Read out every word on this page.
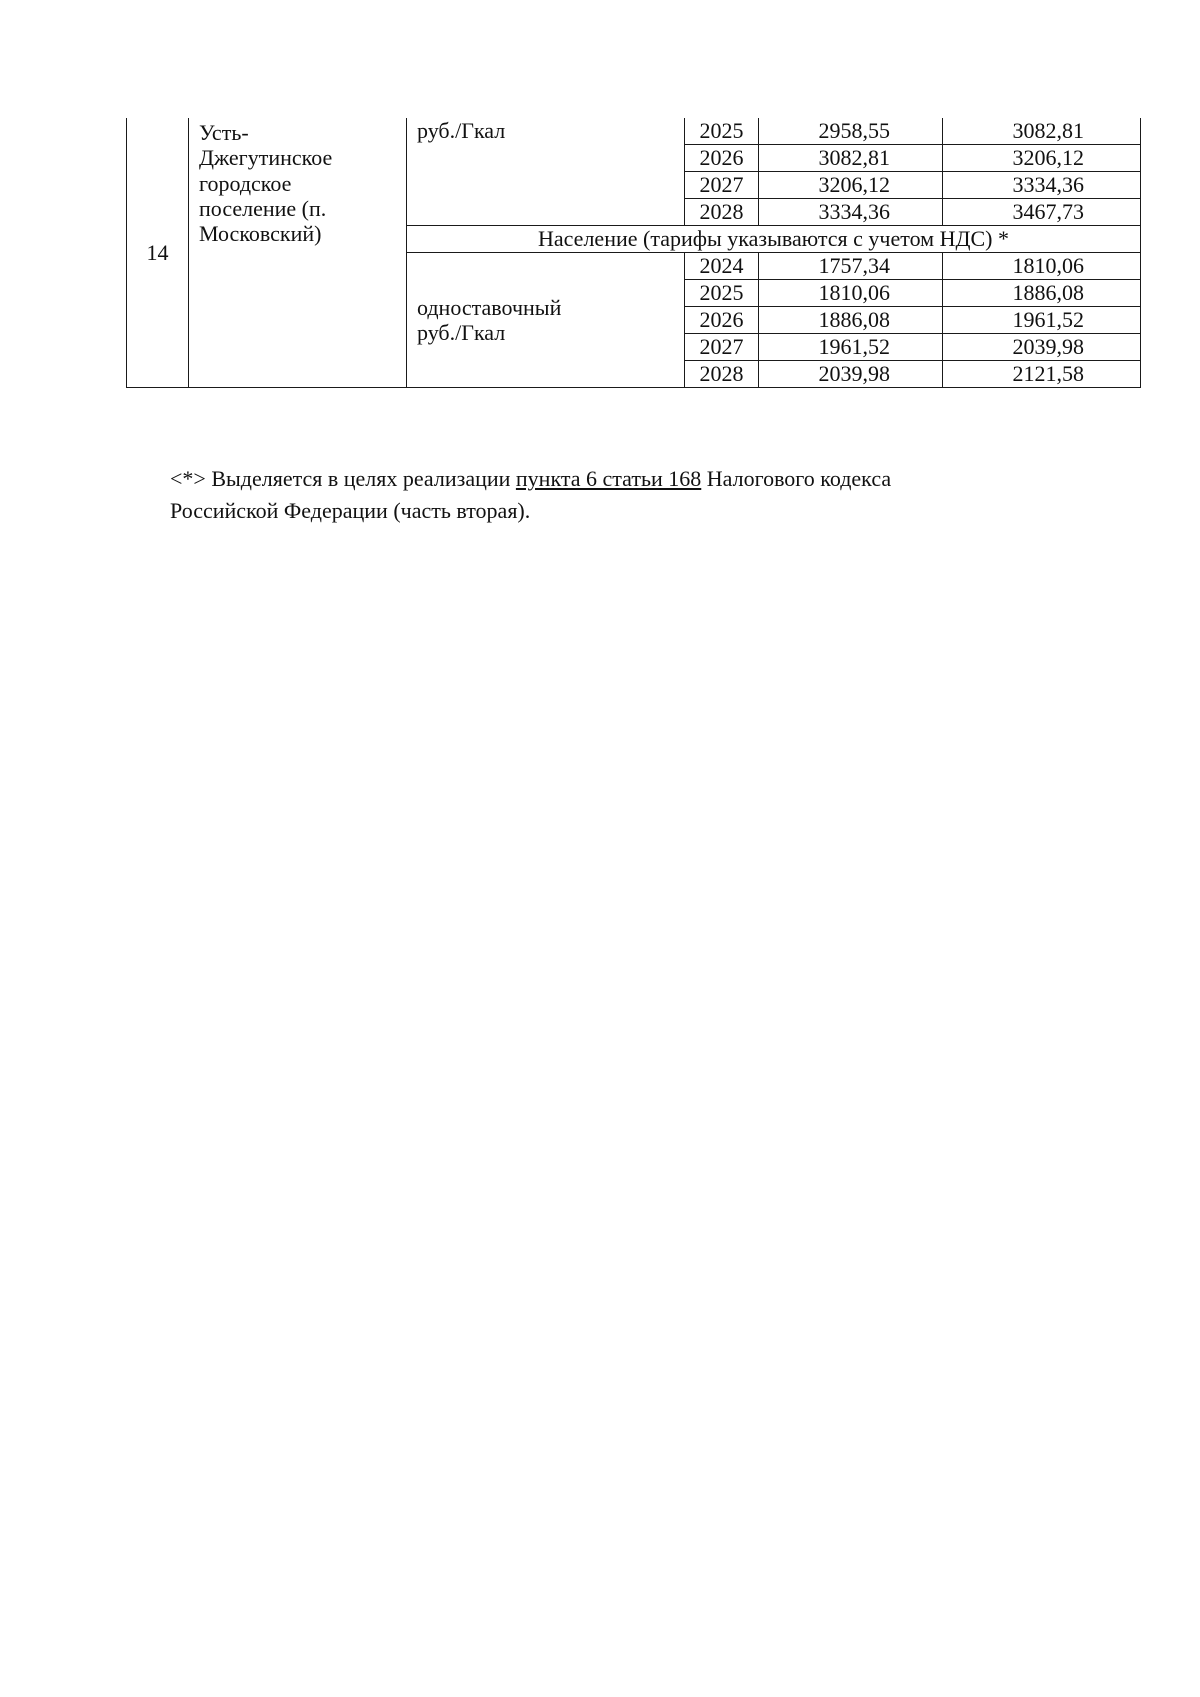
14	Усть-
Джегутинское
городское
поселение (п.
Московский)	руб./Гкал	2025	2958,55	3082,81
			2026	3082,81	3206,12
			2027	3206,12	3334,36
			2028	3334,36	3467,73
		Население (тарифы указываются с учетом НДС) *			

		одноставочный
руб./Гкал	2024	1757,34	1810,06
			2025	1810,06	1886,08
			2026	1886,08	1961,52
			2027	1961,52	2039,98
			2028	2039,98	2121,58
<*> Выделяется в целях реализации пункта 6 статьи 168 Налогового кодекса
Российской Федерации (часть вторая).
